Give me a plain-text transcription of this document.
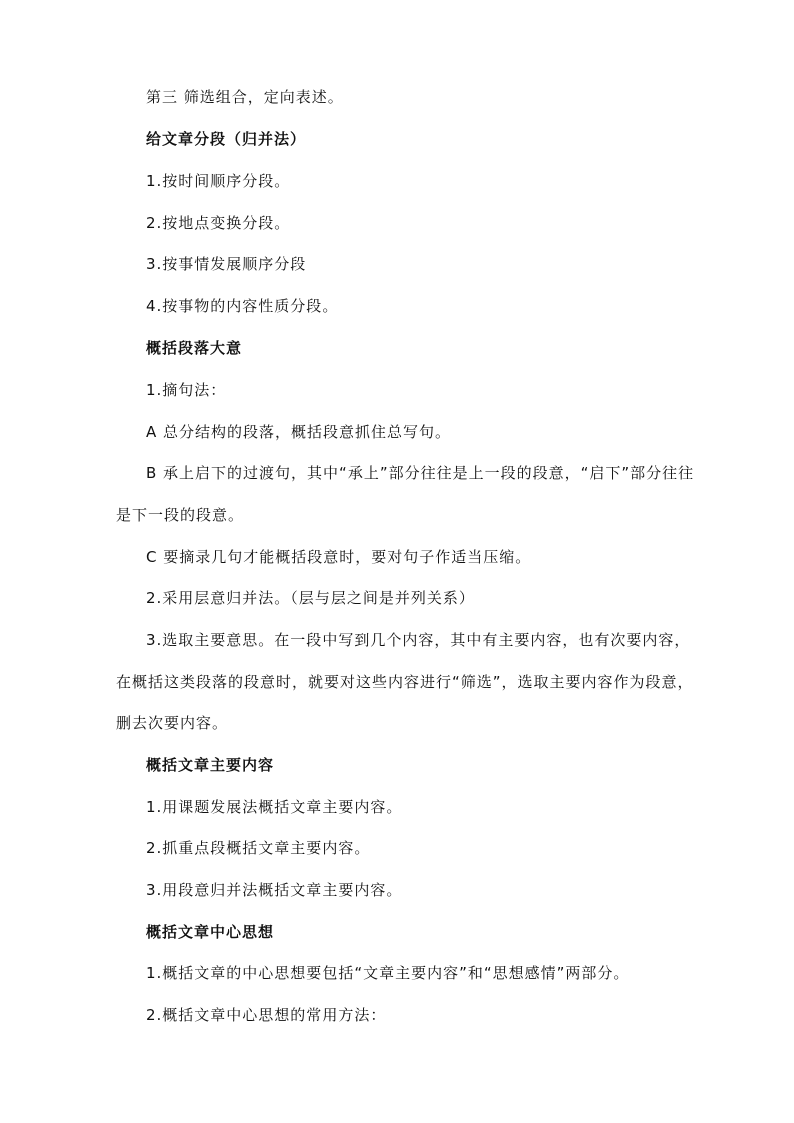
第三 筛选组合，定向表述。
给文章分段（归并法）
1.按时间顺序分段。
2.按地点变换分段。
3.按事情发展顺序分段
4.按事物的内容性质分段。
概括段落大意
1.摘句法：
A 总分结构的段落，概括段意抓住总写句。
B 承上启下的过渡句，其中“承上”部分往往是上一段的段意，“启下”部分往往
是下一段的段意。
C 要摘录几句才能概括段意时，要对句子作适当压缩。
2.采用层意归并法。（层与层之间是并列关系）
3.选取主要意思。在一段中写到几个内容，其中有主要内容，也有次要内容，
在概括这类段落的段意时，就要对这些内容进行“筛选”，选取主要内容作为段意，
删去次要内容。
概括文章主要内容
1.用课题发展法概括文章主要内容。
2.抓重点段概括文章主要内容。
3.用段意归并法概括文章主要内容。
概括文章中心思想
1.概括文章的中心思想要包括“文章主要内容”和“思想感情”两部分。
2.概括文章中心思想的常用方法：
